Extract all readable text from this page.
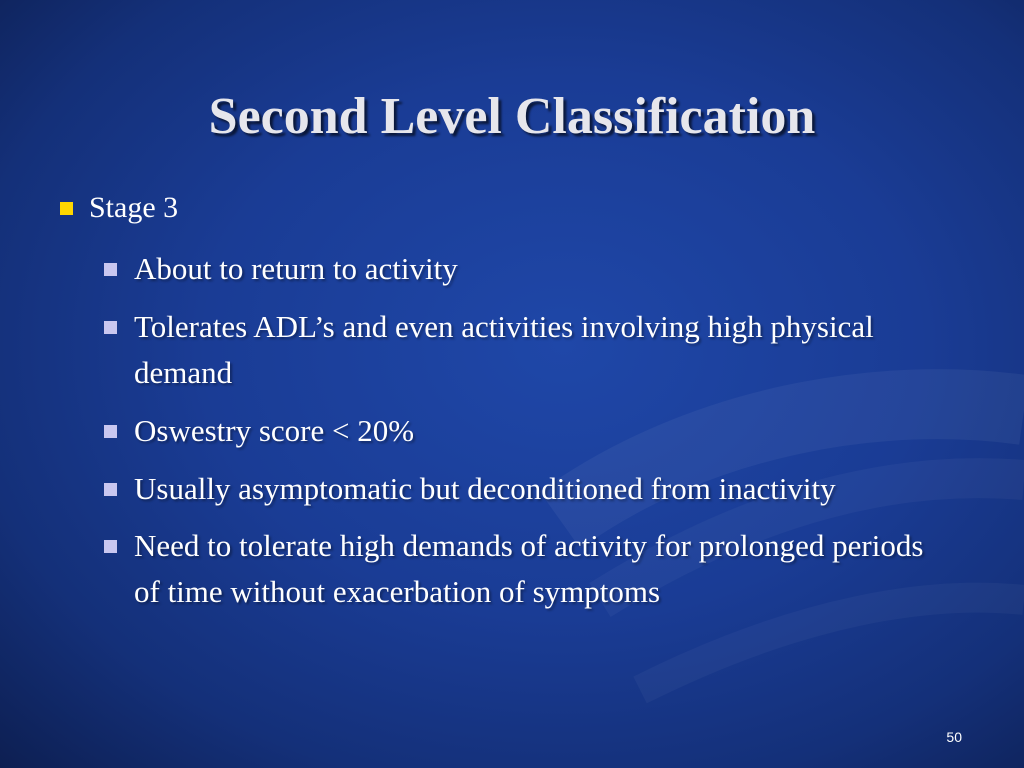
Second Level Classification
Stage 3
About to return to activity
Tolerates ADL’s and even activities involving high physical demand
Oswestry score < 20%
Usually asymptomatic but deconditioned from inactivity
Need to tolerate high demands of activity for prolonged periods of time without exacerbation of symptoms
50
